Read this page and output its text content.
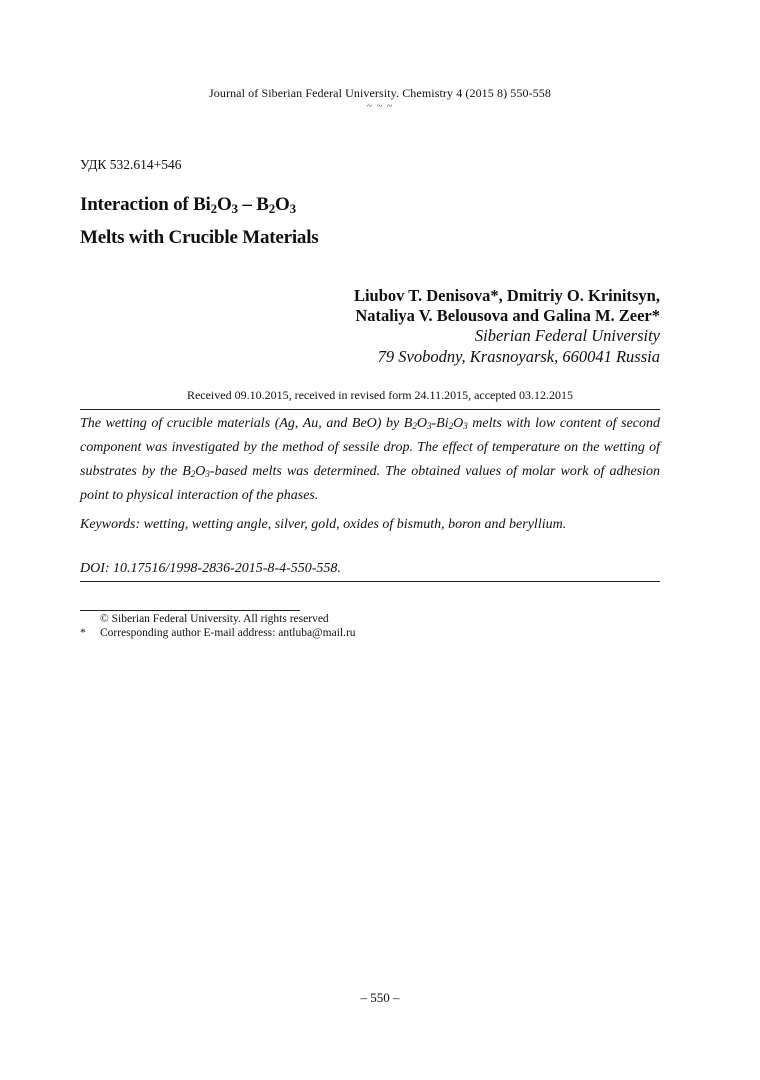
Journal of Siberian Federal University. Chemistry 4 (2015 8) 550-558
~ ~ ~
УДК 532.614+546
Interaction of $Bi_2O_3 - B_2O_3$
Melts with Crucible Materials
Liubov T. Denisova*, Dmitriy O. Krinitsyn,
Nataliya V. Belousova and Galina M. Zeer*
Siberian Federal University
79 Svobodny, Krasnoyarsk, 660041 Russia
Received 09.10.2015, received in revised form 24.11.2015, accepted 03.12.2015
The wetting of crucible materials (Ag, Au, and BeO) by $B_2O_3-Bi_2O_3$ melts with low content of second component was investigated by the method of sessile drop. The effect of temperature on the wetting of substrates by the $B_2O_3$-based melts was determined. The obtained values of molar work of adhesion point to physical interaction of the phases.
Keywords: wetting, wetting angle, silver, gold, oxides of bismuth, boron and beryllium.
DOI: 10.17516/1998-2836-2015-8-4-550-558.
© Siberian Federal University. All rights reserved
* Corresponding author E-mail address: antluba@mail.ru
– 550 –
